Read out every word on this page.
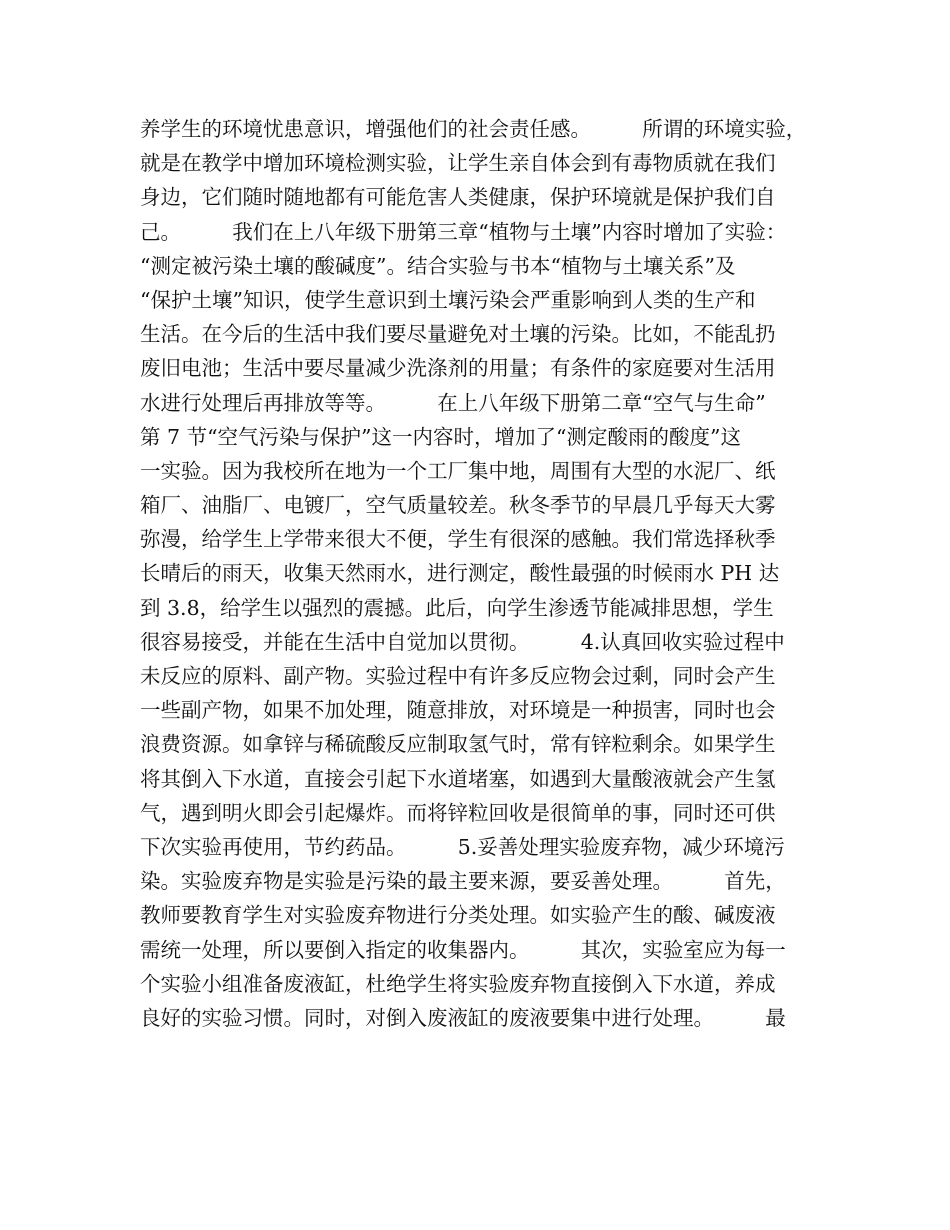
养学生的环境忧患意识，增强他们的社会责任感。　　　所谓的环境实验，
就是在教学中增加环境检测实验，让学生亲自体会到有毒物质就在我们
身边，它们随时随地都有可能危害人类健康，保护环境就是保护我们自
己。　　　我们在上八年级下册第三章“植物与土壤”内容时增加了实验：
“测定被污染土壤的酸碱度”。结合实验与书本“植物与土壤关系”及
“保护土壤”知识，使学生意识到土壤污染会严重影响到人类的生产和
生活。在今后的生活中我们要尽量避免对土壤的污染。比如，不能乱扔
废旧电池；生活中要尽量减少洗涤剂的用量；有条件的家庭要对生活用
水进行处理后再排放等等。　　　在上八年级下册第二章“空气与生命”
第 7 节“空气污染与保护”这一内容时，增加了“测定酸雨的酸度”这
一实验。因为我校所在地为一个工厂集中地，周围有大型的水泥厂、纸
箱厂、油脂厂、电镀厂，空气质量较差。秋冬季节的早晨几乎每天大雾
弥漫，给学生上学带来很大不便，学生有很深的感触。我们常选择秋季
长晴后的雨天，收集天然雨水，进行测定，酸性最强的时候雨水 PH 达
到 3.8，给学生以强烈的震撼。此后，向学生渗透节能减排思想，学生
很容易接受，并能在生活中自觉加以贯彻。　　　4.认真回收实验过程中
未反应的原料、副产物。实验过程中有许多反应物会过剩，同时会产生
一些副产物，如果不加处理，随意排放，对环境是一种损害，同时也会
浪费资源。如拿锌与稀硫酸反应制取氢气时，常有锌粒剩余。如果学生
将其倒入下水道，直接会引起下水道堵塞，如遇到大量酸液就会产生氢
气，遇到明火即会引起爆炸。而将锌粒回收是很简单的事，同时还可供
下次实验再使用，节约药品。　　　5.妥善处理实验废弃物，减少环境污
染。实验废弃物是实验是污染的最主要来源，要妥善处理。　　　首先，
教师要教育学生对实验废弃物进行分类处理。如实验产生的酸、碱废液
需统一处理，所以要倒入指定的收集器内。　　　其次，实验室应为每一
个实验小组准备废液缸，杜绝学生将实验废弃物直接倒入下水道，养成
良好的实验习惯。同时，对倒入废液缸的废液要集中进行处理。　　　最
